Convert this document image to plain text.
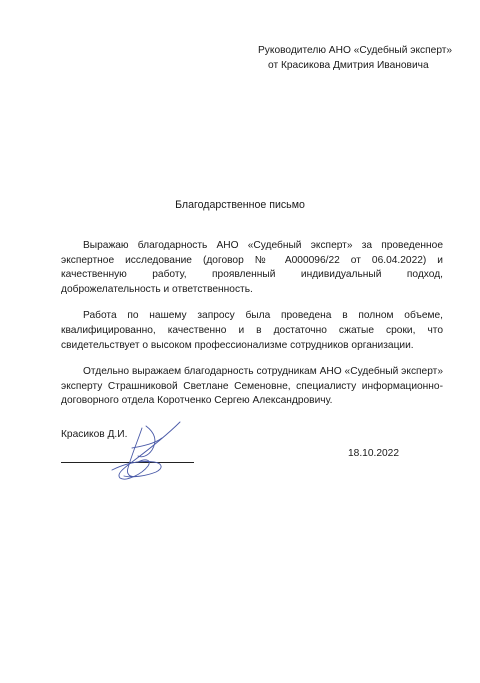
Руководителю АНО «Судебный эксперт»
от Красикова Дмитрия Ивановича
Благодарственное письмо

Выражаю благодарность АНО «Судебный эксперт» за проведенное экспертное исследование (договор № А000096/22 от 06.04.2022) и качественную работу, проявленный индивидуальный подход, доброжелательность и ответственность.

Работа по нашему запросу была проведена в полном объеме, квалифицированно, качественно и в достаточно сжатые сроки, что свидетельствует о высоком профессионализме сотрудников организации.

Отдельно выражаем благодарность сотрудникам АНО «Судебный эксперт» эксперту Страшниковой Светлане Семеновне, специалисту информационно-договорного отдела Коротченко Сергею Александровичу.

Красиков Д.И.
18.10.2022
